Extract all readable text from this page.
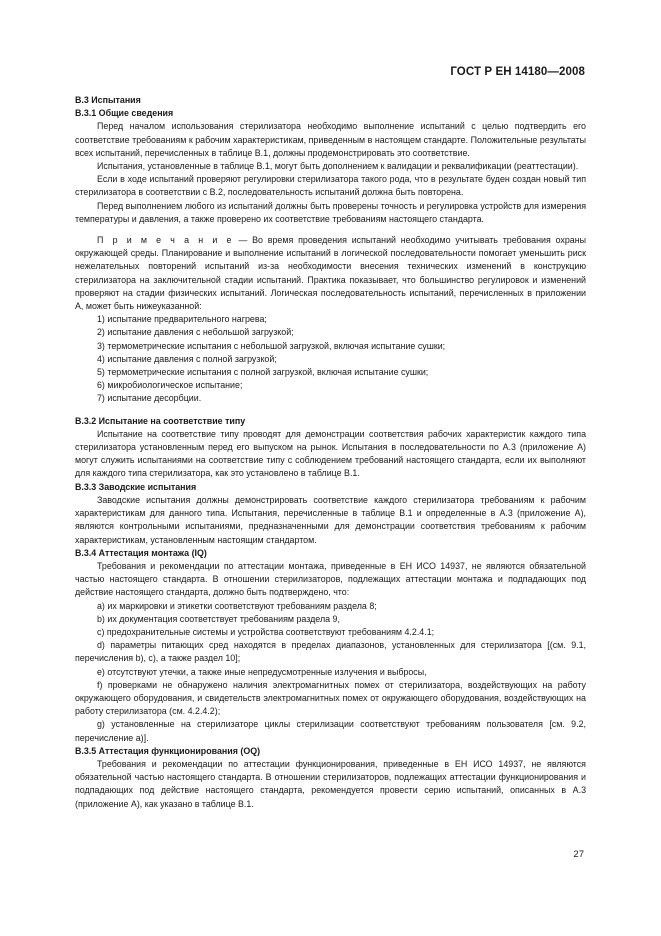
ГОСТ Р ЕН 14180—2008

В.3 Испытания

В.3.1 Общие сведения

Перед началом использования стерилизатора необходимо выполнение испытаний с целью подтвердить его соответствие требованиям к рабочим характеристикам, приведенным в настоящем стандарте. Положительные результаты всех испытаний, перечисленных в таблице В.1, должны продемонстрировать это соответствие.

Испытания, установленные в таблице В.1, могут быть дополнением к валидации и реквалификации (реаттестации).

Если в ходе испытаний проверяют регулировки стерилизатора такого рода, что в результате буден создан новый тип стерилизатора в соответствии с В.2, последовательность испытаний должна быть повторена.

Перед выполнением любого из испытаний должны быть проверены точность и регулировка устройств для измерения температуры и давления, а также проверено их соответствие требованиям настоящего стандарта.

П р и м е ч а н и е — Во время проведения испытаний необходимо учитывать требования охраны окружающей среды. Планирование и выполнение испытаний в логической последовательности помогает уменьшить риск нежелательных повторений испытаний из-за необходимости внесения технических изменений в конструкцию стерилизатора на заключительной стадии испытаний. Практика показывает, что большинство регулировок и изменений проверяют на стадии физических испытаний. Логическая последовательность испытаний, перечисленных в приложении А, может быть нижеуказанной:

1) испытание предварительного нагрева;

2) испытание давления с небольшой загрузкой;

3) термометрические испытания с небольшой загрузкой, включая испытание сушки;

4) испытание давления с полной загрузкой;

5) термометрические испытания с полной загрузкой, включая испытание сушки;

6) микробиологическое испытание;

7) испытание десорбции.

В.3.2 Испытание на соответствие типу

Испытание на соответствие типу проводят для демонстрации соответствия рабочих характеристик каждого типа стерилизатора установленным перед его выпуском на рынок. Испытания в последовательности по А.3 (приложение А) могут служить испытаниями на соответствие типу с соблюдением требований настоящего стандарта, если их выполняют для каждого типа стерилизатора, как это установлено в таблице В.1.

В.3.3 Заводские испытания

Заводские испытания должны демонстрировать соответствие каждого стерилизатора требованиям к рабочим характеристикам для данного типа. Испытания, перечисленные в таблице В.1 и определенные в А.3 (приложение А), являются контрольными испытаниями, предназначенными для демонстрации соответствия требованиям к рабочим характеристикам, установленным настоящим стандартом.

В.3.4 Аттестация монтажа (IQ)

Требования и рекомендации по аттестации монтажа, приведенные в ЕН ИСО 14937, не являются обязательной частью настоящего стандарта. В отношении стерилизаторов, подлежащих аттестации монтажа и подпадающих под действие настоящего стандарта, должно быть подтверждено, что:

а) их маркировки и этикетки соответствуют требованиям раздела 8;

b) их документация соответствует требованиям раздела 9,

c) предохранительные системы и устройства соответствуют требованиям 4.2.4.1;

d) параметры питающих сред находятся в пределах диапазонов, установленных для стерилизатора [(см. 9.1, перечисления b), c), а также раздел 10];

е) отсутствуют утечки, а также иные непредусмотренные излучения и выбросы,

f) проверками не обнаружено наличия электромагнитных помех от стерилизатора, воздействующих на работу окружающего оборудования, и свидетельств электромагнитных помех от окружающего оборудования, воздействующих на работу стерилизатора (см. 4.2.4.2);

g) установленные на стерилизаторе циклы стерилизации соответствуют требованиям пользователя [см. 9.2, перечисление а)].

В.3.5 Аттестация функционирования (OQ)

Требования и рекомендации по аттестации функционирования, приведенные в ЕН ИСО 14937, не являются обязательной частью настоящего стандарта. В отношении стерилизаторов, подлежащих аттестации функционирования и подпадающих под действие настоящего стандарта, рекомендуется провести серию испытаний, описанных в А.3 (приложение А), как указано в таблице В.1.

27
